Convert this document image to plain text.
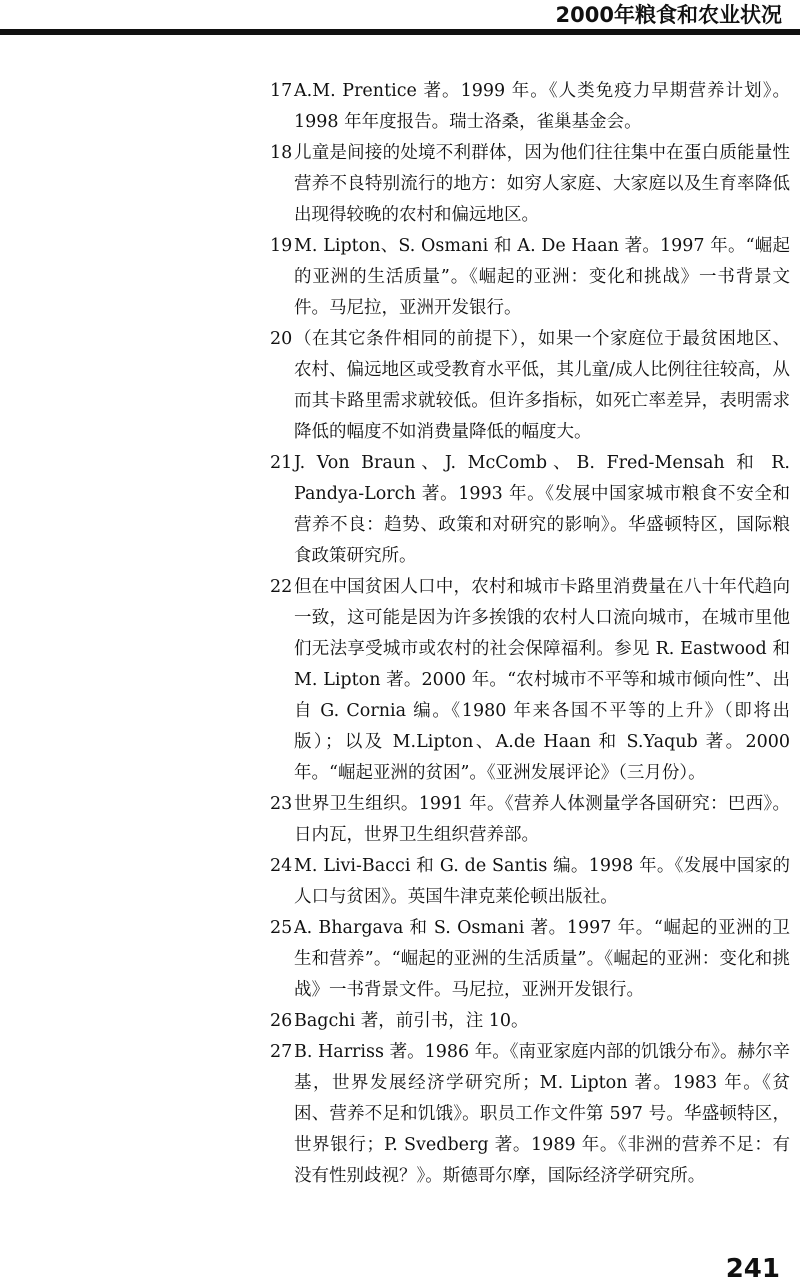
2000年粮食和农业状况
17 A.M. Prentice 著。1999 年。《人类免疫力早期营养计划》。1998 年年度报告。瑞士洛桑，雀巢基金会。
18 儿童是间接的处境不利群体，因为他们往往集中在蛋白质能量性营养不良特别流行的地方：如穷人家庭、大家庭以及生育率降低出现得较晚的农村和偏远地区。
19 M. Lipton、S. Osmani 和 A. De Haan 著。1997 年。“崛起的亚洲的生活质量”。《崛起的亚洲：变化和挑战》一书背景文件。马尼拉，亚洲开发银行。
20 （在其它条件相同的前提下），如果一个家庭位于最贫困地区、农村、偏远地区或受教育水平低，其儿童/成人比例往往较高，从而其卡路里需求就较低。但许多指标，如死亡率差异，表明需求降低的幅度不如消费量降低的幅度大。
21 J. Von Braun、J. McComb、B. Fred-Mensah 和 R. Pandya-Lorch 著。1993 年。《发展中国家城市粮食不安全和营养不良：趋势、政策和对研究的影响》。华盛顿特区，国际粮食政策研究所。
22 但在中国贫困人口中，农村和城市卡路里消费量在八十年代趋向一致，这可能是因为许多挨饿的农村人口流向城市，在城市里他们无法享受城市或农村的社会保障福利。参见 R. Eastwood 和 M. Lipton 著。2000 年。“农村城市不平等和城市倾向性”、出自 G. Cornia 编。《1980 年来各国不平等的上升》（即将出版）；以及 M.Lipton、A.de Haan 和 S.Yaqub 著。2000 年。“崛起亚洲的贫困”。《亚洲发展评论》（三月份）。
23 世界卫生组织。1991 年。《营养人体测量学各国研究：巴西》。日内瓦，世界卫生组织营养部。
24 M. Livi-Bacci 和 G. de Santis 编。1998 年。《发展中国家的人口与贫困》。英国牛津克莱伦顿出版社。
25 A. Bhargava 和 S. Osmani 著。1997 年。“崛起的亚洲的卫生和营养”。“崛起的亚洲的生活质量”。《崛起的亚洲：变化和挑战》一书背景文件。马尼拉，亚洲开发银行。
26 Bagchi 著，前引书，注 10。
27 B. Harriss 著。1986 年。《南亚家庭内部的饥饿分布》。赫尔辛基，世界发展经济学研究所；M. Lipton 著。1983 年。《贫困、营养不足和饥饿》。职员工作文件第 597 号。华盛顿特区，世界银行；P. Svedberg 著。1989 年。《非洲的营养不足：有没有性别歧视？》。斯德哥尔摩，国际经济学研究所。
241
